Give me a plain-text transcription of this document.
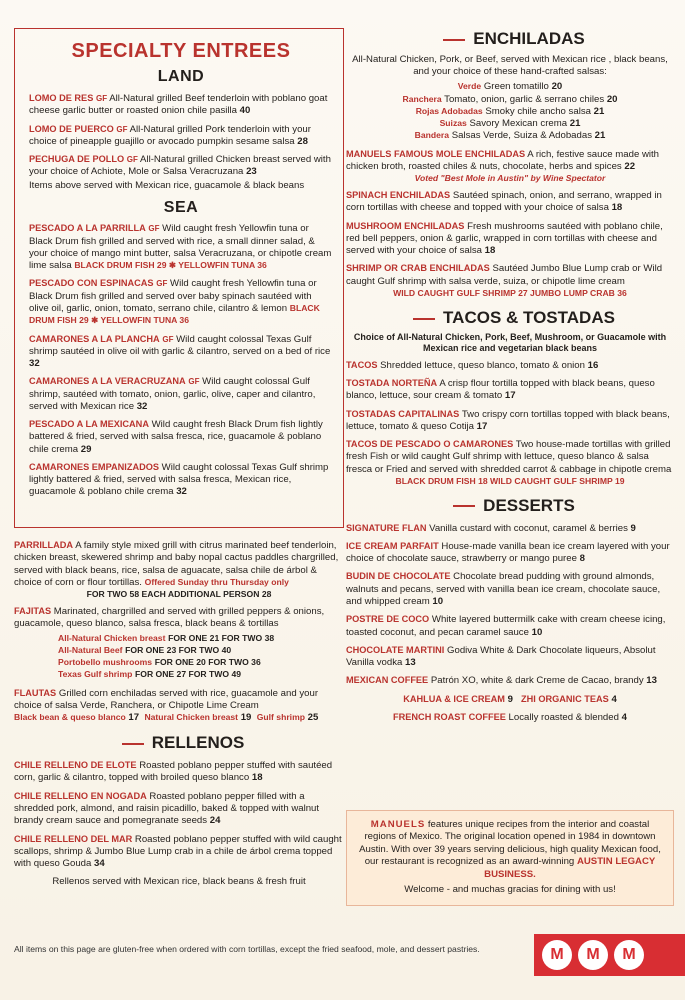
SPECIALTY ENTREES
LAND
LOMO DE RES GF All-Natural grilled Beef tenderloin with poblano goat cheese garlic butter or roasted onion chile pasilla 40
LOMO DE PUERCO GF All-Natural grilled Pork tenderloin with your choice of pineapple guajillo or avocado pumpkin sesame salsa 28
PECHUGA DE POLLO GF All-Natural grilled Chicken breast served with your choice of Achiote, Mole or Salsa Veracruzana 23
Items above served with Mexican rice, guacamole & black beans
SEA
PESCADO A LA PARRILLA GF Wild caught fresh Yellowfin tuna or Black Drum fish grilled and served with rice, a small dinner salad, & your choice of mango mint butter, salsa Veracruzana, or chipotle cream lime salsa BLACK DRUM FISH 29 ✱ YELLOWFIN TUNA 36
PESCADO CON ESPINACAS GF Wild caught fresh Yellowfin tuna or Black Drum fish grilled and served over baby spinach sautéed with olive oil, garlic, onion, tomato, serrano chile, cilantro & lemon BLACK DRUM FISH 29 ✱ YELLOWFIN TUNA 36
CAMARONES A LA PLANCHA GF Wild caught colossal Texas Gulf shrimp sautéed in olive oil with garlic & cilantro, served on a bed of rice 32
CAMARONES A LA VERACRUZANA GF Wild caught colossal Gulf shrimp, sautéed with tomato, onion, garlic, olive, caper and cilantro, served with Mexican rice 32
PESCADO A LA MEXICANA Wild caught fresh Black Drum fish lightly battered & fried, served with salsa fresca, rice, guacamole & poblano chile crema 29
CAMARONES EMPANIZADOS Wild caught colossal Texas Gulf shrimp lightly battered & fried, served with salsa fresca, Mexican rice, guacamole & poblano chile crema 32
PARRILLADA A family style mixed grill with citrus marinated beef tenderloin, chicken breast, skewered shrimp and baby nopal cactus paddles chargrilled, served with black beans, rice, salsa de aguacate, salsa chile de árbol & choice of corn or flour tortillas. Offered Sunday thru Thursday only
FOR TWO 58 EACH ADDITIONAL PERSON 28
FAJITAS Marinated, chargrilled and served with grilled peppers & onions, guacamole, queso blanco, salsa fresca, black beans & tortillas
All-Natural Chicken breast FOR ONE 21 FOR TWO 38
All-Natural Beef FOR ONE 23 FOR TWO 40
Portobello mushrooms FOR ONE 20 FOR TWO 36
Texas Gulf shrimp FOR ONE 27 FOR TWO 49
FLAUTAS Grilled corn enchiladas served with rice, guacamole and your choice of salsa Verde, Ranchera, or Chipotle Lime Cream
Black bean & queso blanco 17 Natural Chicken breast 19 Gulf shrimp 25
RELLENOS
CHILE RELLENO DE ELOTE Roasted poblano pepper stuffed with sautéed corn, garlic & cilantro, topped with broiled queso blanco 18
CHILE RELLENO EN NOGADA Roasted poblano pepper filled with a shredded pork, almond, and raisin picadillo, baked & topped with walnut brandy cream sauce and pomegranate seeds 24
CHILE RELLENO DEL MAR Roasted poblano pepper stuffed with wild caught scallops, shrimp & Jumbo Blue Lump crab in a chile de árbol crema topped with queso Gouda 34
Rellenos served with Mexican rice, black beans & fresh fruit
ENCHILADAS
All-Natural Chicken, Pork, or Beef, served with Mexican rice , black beans, and your choice of these hand-crafted salsas:
Verde Green tomatillo 20
Ranchera Tomato, onion, garlic & serrano chiles 20
Rojas Adobadas Smoky chile ancho salsa 21
Suizas Savory Mexican crema 21
Bandera Salsas Verde, Suiza & Adobadas 21
MANUELS FAMOUS MOLE ENCHILADAS A rich, festive sauce made with chicken broth, roasted chiles & nuts, chocolate, herbs and spices 22
Voted "Best Mole in Austin" by Wine Spectator
SPINACH ENCHILADAS Sautéed spinach, onion, and serrano, wrapped in corn tortillas with cheese and topped with your choice of salsa 18
MUSHROOM ENCHILADAS Fresh mushrooms sautéed with poblano chile, red bell peppers, onion & garlic, wrapped in corn tortillas with cheese and served with your choice of salsa 18
SHRIMP OR CRAB ENCHILADAS Sautéed Jumbo Blue Lump crab or Wild caught Gulf shrimp with salsa verde, suiza, or chipotle lime cream
WILD CAUGHT GULF SHRIMP 27 JUMBO LUMP CRAB 36
TACOS & TOSTADAS
Choice of All-Natural Chicken, Pork, Beef, Mushroom, or Guacamole with Mexican rice and vegetarian black beans
TACOS Shredded lettuce, queso blanco, tomato & onion 16
TOSTADA NORTEÑA A crisp flour tortilla topped with black beans, queso blanco, lettuce, sour cream & tomato 17
TOSTADAS CAPITALINAS Two crispy corn tortillas topped with black beans, lettuce, tomato & queso Cotija 17
TACOS DE PESCADO O CAMARONES Two house-made tortillas with grilled fresh Fish or wild caught Gulf shrimp with lettuce, queso blanco & salsa fresca or Fried and served with shredded carrot & cabbage in chipotle crema
BLACK DRUM FISH 18 WILD CAUGHT GULF SHRIMP 19
DESSERTS
SIGNATURE FLAN Vanilla custard with coconut, caramel & berries 9
ICE CREAM PARFAIT House-made vanilla bean ice cream layered with your choice of chocolate sauce, strawberry or mango puree 8
BUDIN DE CHOCOLATE Chocolate bread pudding with ground almonds, walnuts and pecans, served with vanilla bean ice cream, chocolate sauce, and whipped cream 10
POSTRE DE COCO White layered buttermilk cake with cream cheese icing, toasted coconut, and pecan caramel sauce 10
CHOCOLATE MARTINI Godiva White & Dark Chocolate liqueurs, Absolut Vanilla vodka 13
MEXICAN COFFEE Patrón XO, white & dark Creme de Cacao, brandy 13
KAHLUA & ICE CREAM 9 ZHI ORGANIC TEAS 4
FRENCH ROAST COFFEE Locally roasted & blended 4
MANUELS features unique recipes from the interior and coastal regions of Mexico. The original location opened in 1984 in downtown Austin. With over 39 years serving delicious, high quality Mexican food, our restaurant is recognized as an award-winning AUSTIN LEGACY BUSINESS.
Welcome - and muchas gracias for dining with us!
All items on this page are gluten-free when ordered with corn tortillas, except the fried seafood, mole, and dessert pastries.	M	M	M
